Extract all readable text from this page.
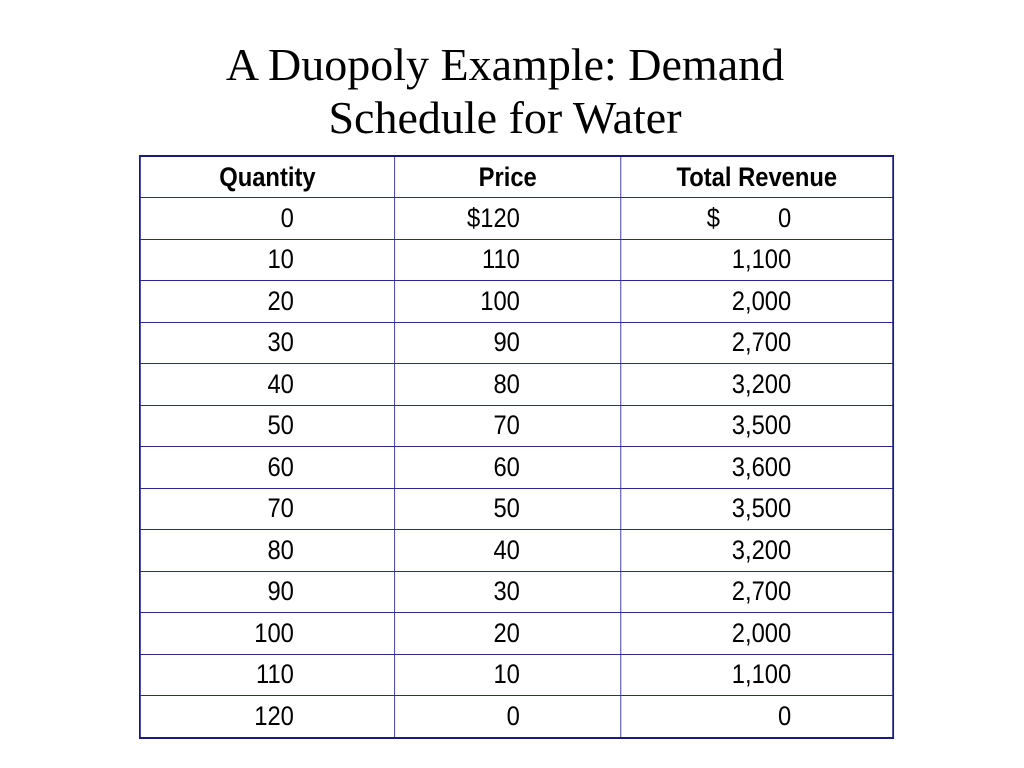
A Duopoly Example: Demand
Schedule for Water
Quantity	Price	Total Revenue
0	$120	$ 0

10	110	1,100
20	100	2,000
30	90	2,700
40	80	3,200
50	70	3,500
60	60	3,600
70	50	3,500
80	40	3,200
90	30	2,700
100	20	2,000
110	10	1,100
120	0	0
